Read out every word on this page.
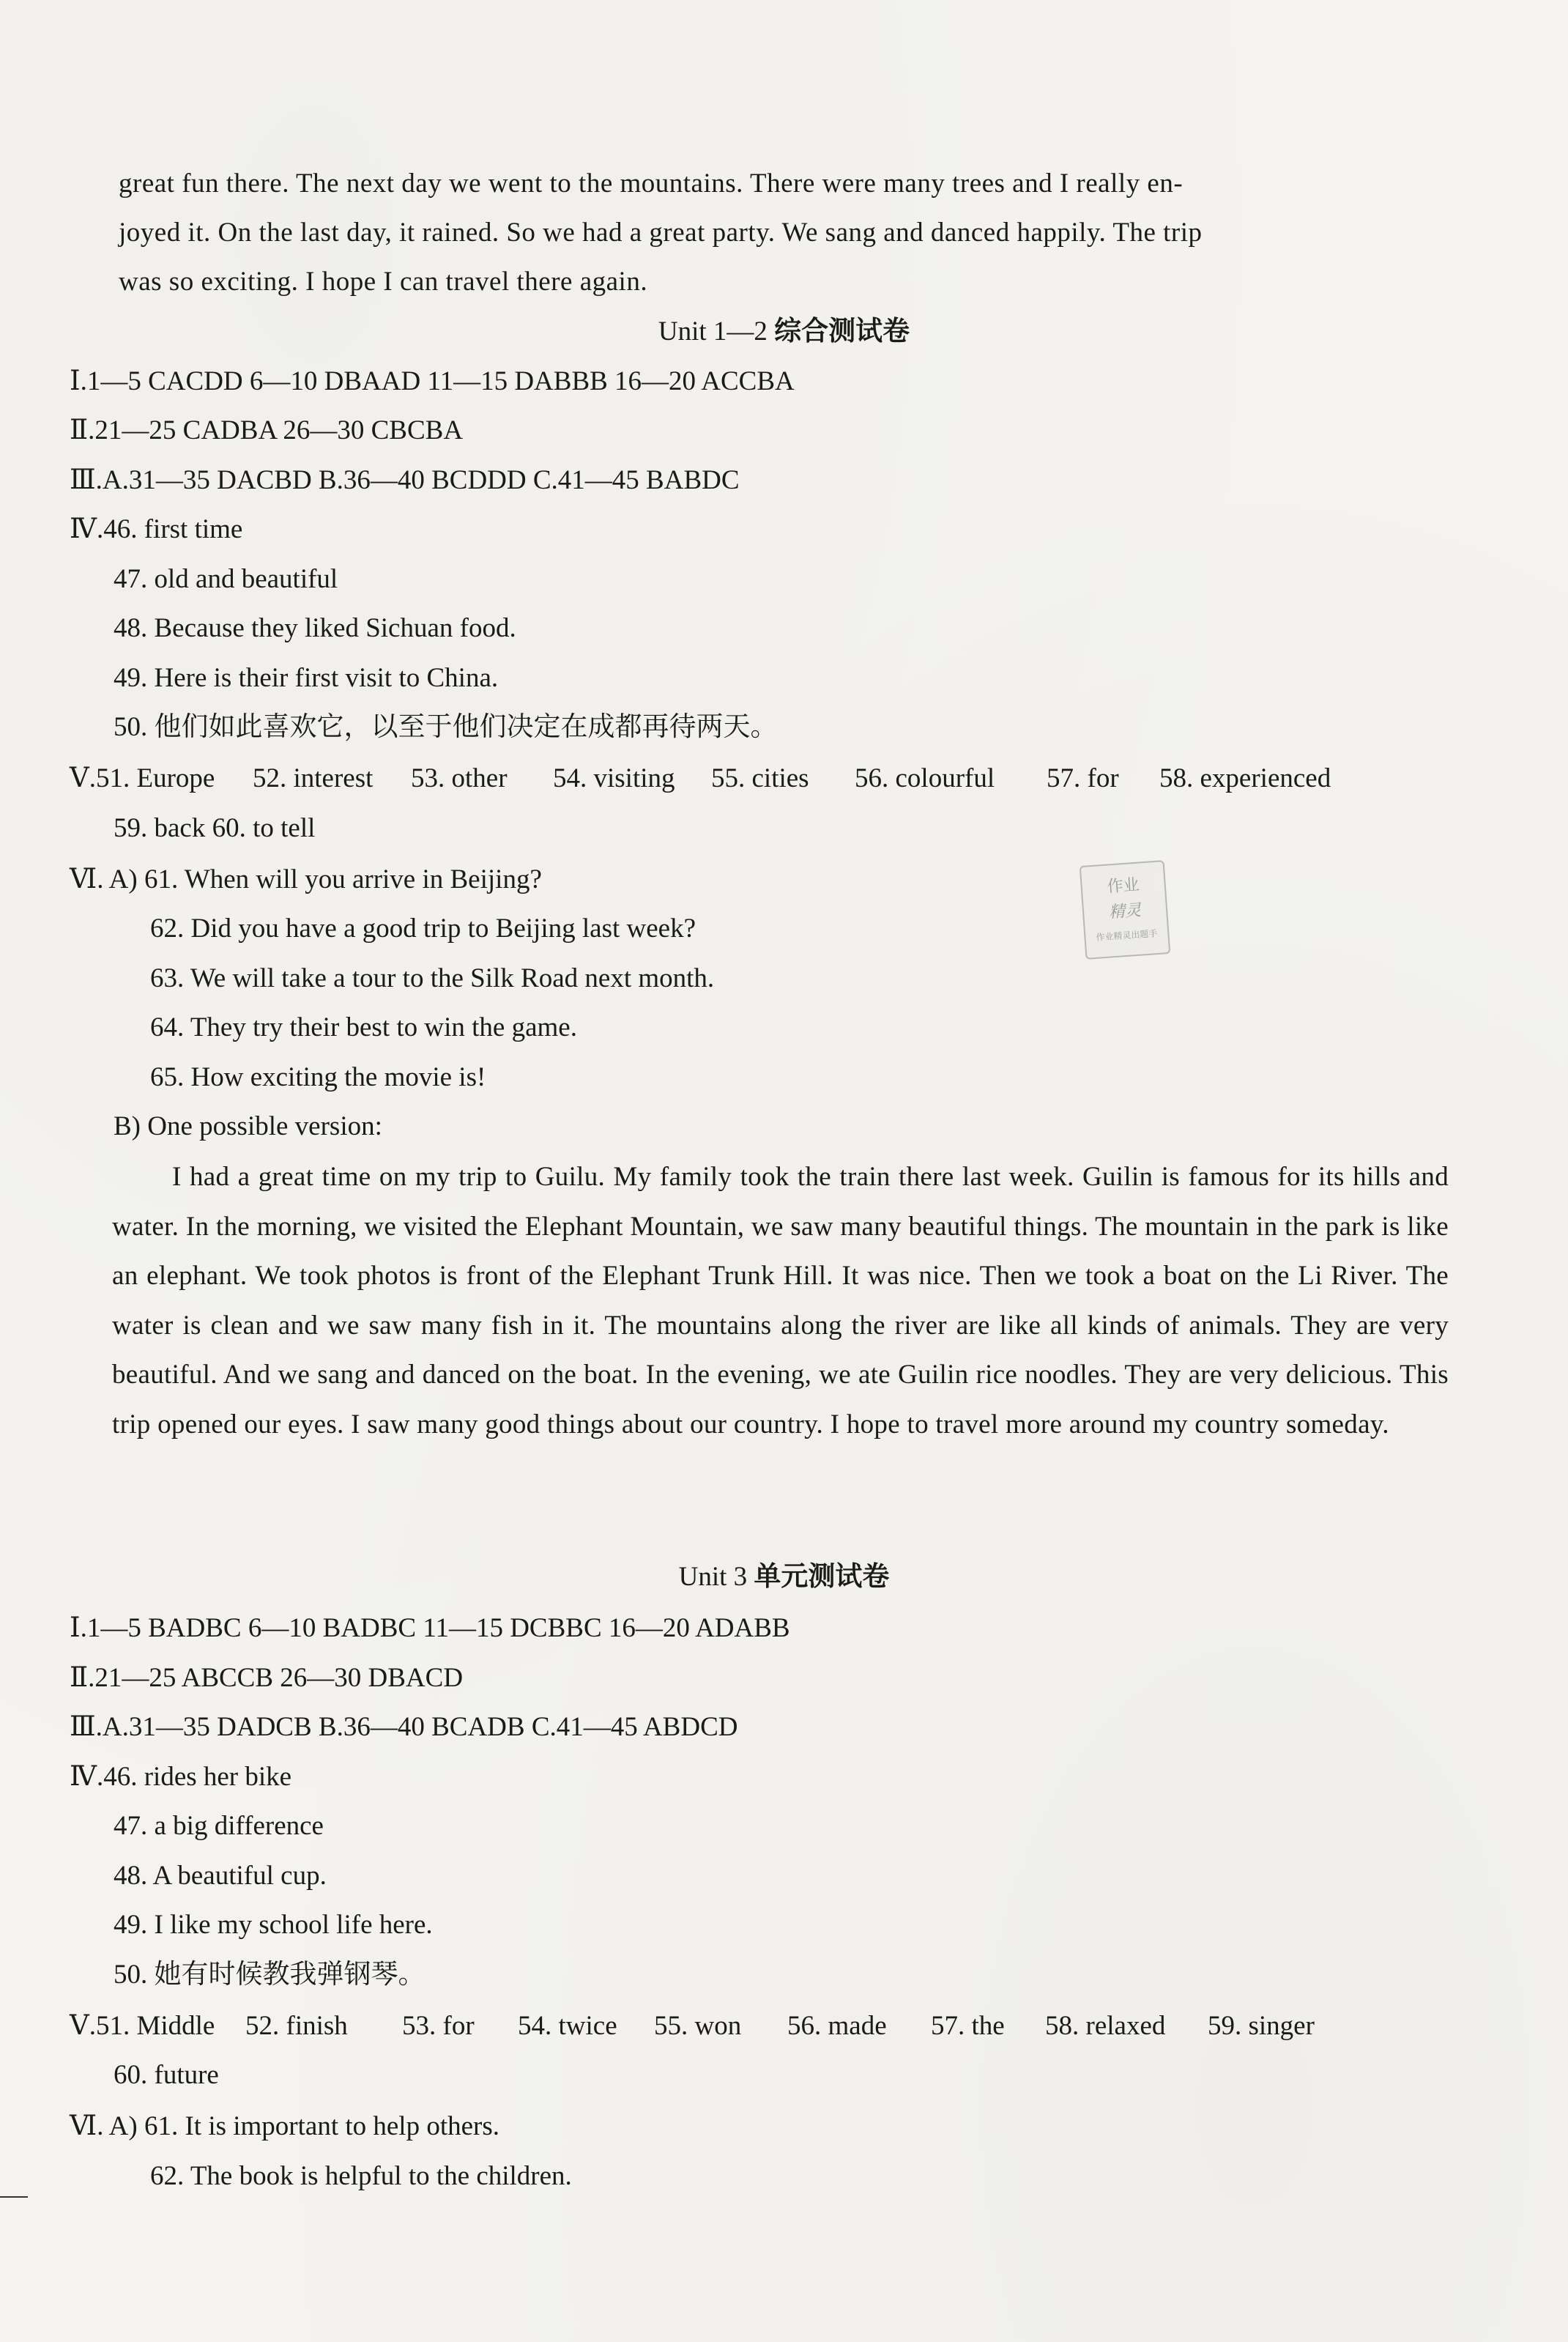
great fun there. The next day we went to the mountains. There were many trees and I really en-
joyed it. On the last day, it rained. So we had a great party. We sang and danced happily. The trip
was so exciting. I hope I can travel there again.
Unit 1—2 综合测试卷
Ⅰ.1—5 CACDD 6—10 DBAAD 11—15 DABBB 16—20 ACCBA
Ⅱ.21—25 CADBA 26—30 CBCBA
Ⅲ.A.31—35 DACBD B.36—40 BCDDD C.41—45 BABDC
Ⅳ.46. first time
47. old and beautiful
48. Because they liked Sichuan food.
49. Here is their first visit to China.
50. 他们如此喜欢它，以至于他们决定在成都再待两天。
Ⅴ.51. Europe 52. interest 53. other 54. visiting 55. cities 56. colourful 57. for 58. experienced
59. back 60. to tell
Ⅵ. A) 61. When will you arrive in Beijing?
62. Did you have a good trip to Beijing last week?
63. We will take a tour to the Silk Road next month.
64. They try their best to win the game.
65. How exciting the movie is!
B) One possible version:
I had a great time on my trip to Guilu. My family took the train there last week. Guilin is famous for its hills and water. In the morning, we visited the Elephant Mountain, we saw many beautiful things. The mountain in the park is like an elephant. We took photos is front of the Elephant Trunk Hill. It was nice. Then we took a boat on the Li River. The water is clean and we saw many fish in it. The mountains along the river are like all kinds of animals. They are very beautiful. And we sang and danced on the boat. In the evening, we ate Guilin rice noodles. They are very delicious. This trip opened our eyes. I saw many good things about our country. I hope to travel more around my country someday.
作业
精灵
作业精灵出题手
Unit 3 单元测试卷
Ⅰ.1—5 BADBC 6—10 BADBC 11—15 DCBBC 16—20 ADABB
Ⅱ.21—25 ABCCB 26—30 DBACD
Ⅲ.A.31—35 DADCB B.36—40 BCADB C.41—45 ABDCD
Ⅳ.46. rides her bike
47. a big difference
48. A beautiful cup.
49. I like my school life here.
50. 她有时候教我弹钢琴。
Ⅴ.51. Middle 52. finish 53. for 54. twice 55. won 56. made 57. the 58. relaxed 59. singer
60. future
Ⅵ. A) 61. It is important to help others.
62. The book is helpful to the children.
